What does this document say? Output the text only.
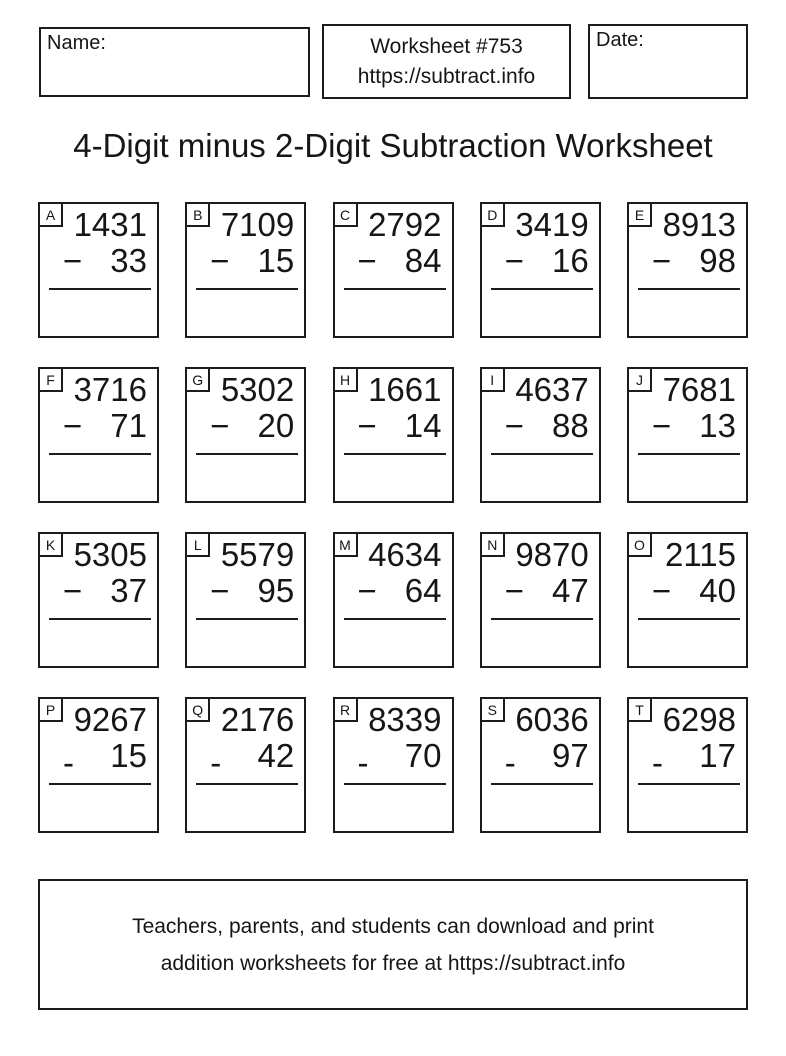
Name:	Worksheet #753
https://subtract.info
Date:
4-Digit minus 2-Digit Subtraction Worksheet
A 1431
− 33
B 7109
− 15
C 2792
− 84
D 3419
− 16
E 8913
− 98
F 3716
− 71
G 5302
− 20
H 1661
− 14
I 4637
− 88
J 7681
− 13
K 5305
− 37
L 5579
− 95
M 4634
− 64
N 9870
− 47
O 2115
− 40
P 9267
- 15
Q 2176
- 42
R 8339
- 70
S 6036
- 97
T 6298
- 17
Teachers, parents, and students can download and print
addition worksheets for free at https://subtract.info
